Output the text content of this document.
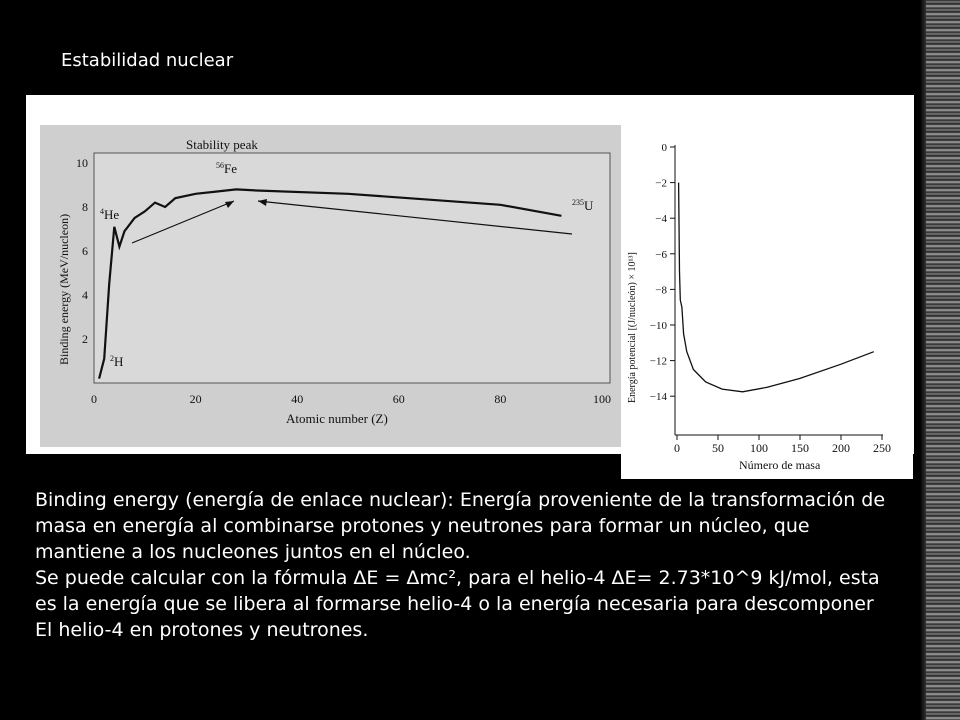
Estabilidad nuclear
Stability peak
Binding energy (MeV/nucleon)
Atomic number (Z)
0	20	40	60	80	100
2
4
6
8
10	$^{56}$Fe
$^4$He
$^{235}$U
$^2$H	Energía potencial [(J/nucleón) × 10¹³]
Número de masa
0	50 100 150 200 250
0
−2
−4
−6
−8
−10
−12
−14

Binding energy (energía de enlace nuclear): Energía proveniente de la transformación de masa en energía al combinarse protones y neutrones para formar un núcleo, que mantiene a los nucleones juntos en el núcleo.

Se puede calcular con la fórmula ΔE = Δmc², para el helio-4 ΔE= 2.73*10^9 kJ/mol, esta es la energía que se libera al formarse helio-4 o la energía necesaria para descomponer El helio-4 en protones y neutrones.
